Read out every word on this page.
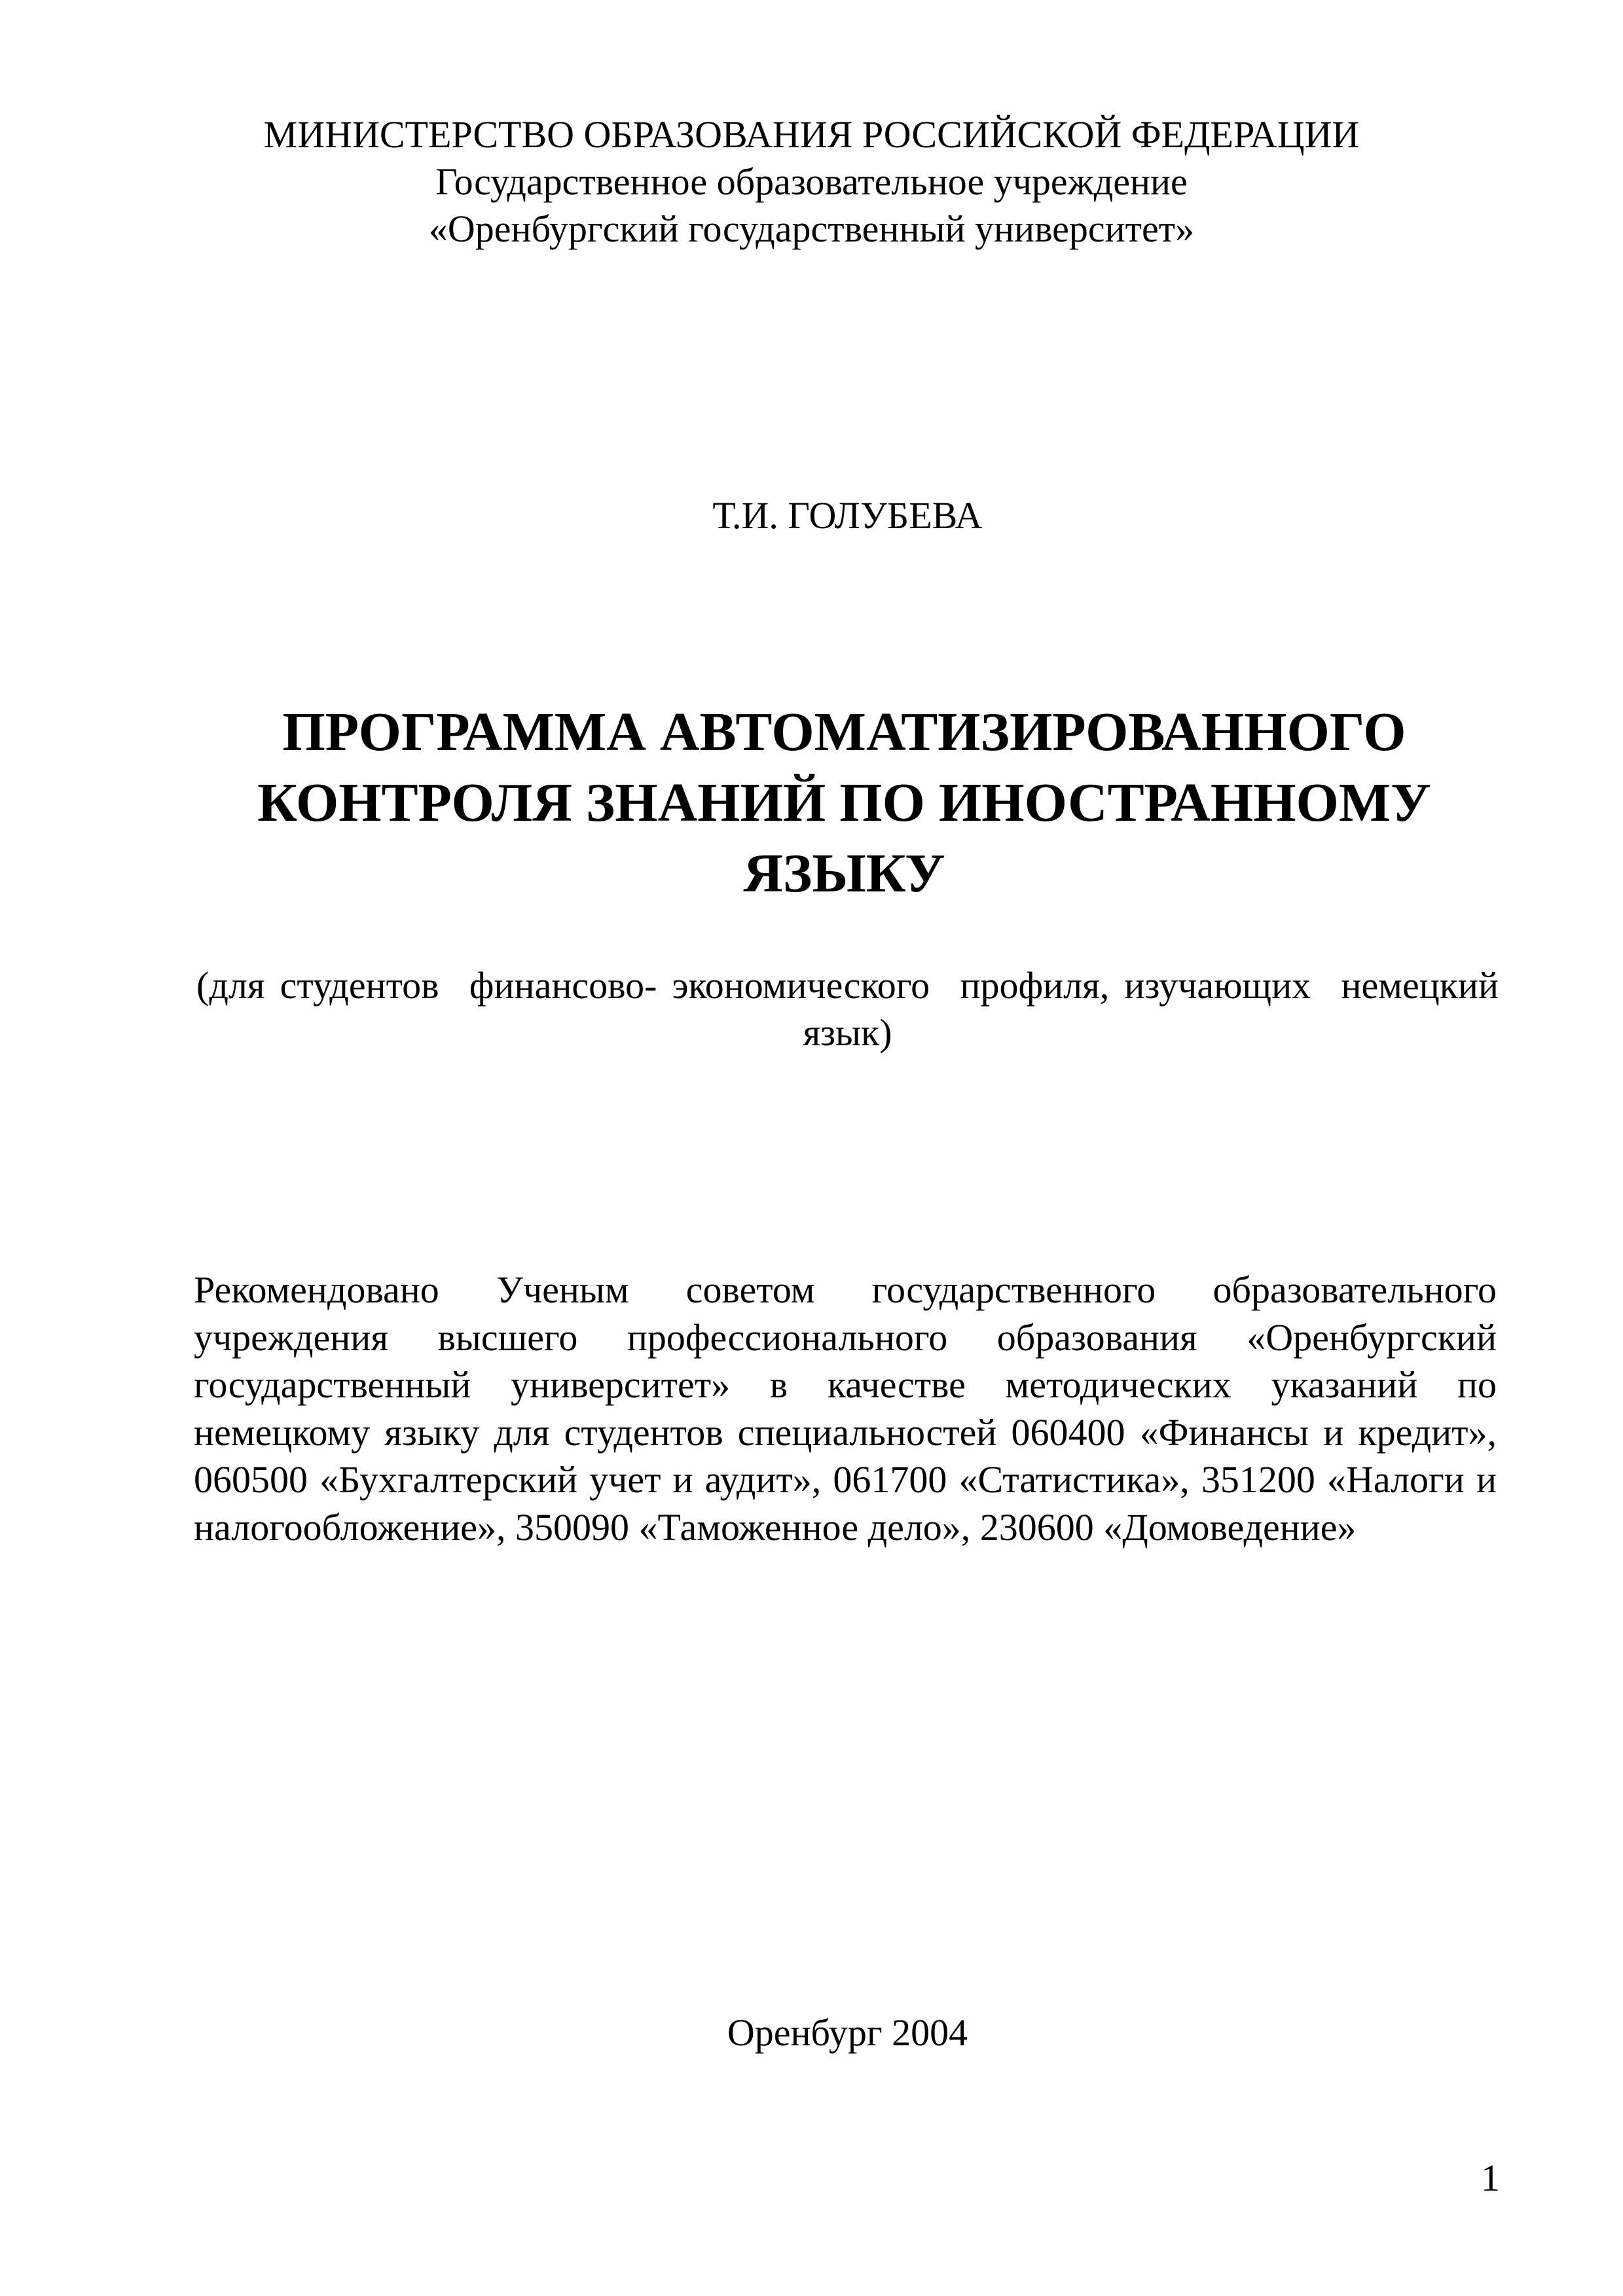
МИНИСТЕРСТВО ОБРАЗОВАНИЯ РОССИЙСКОЙ ФЕДЕРАЦИИ
Государственное образовательное учреждение
«Оренбургский государственный университет»
Т.И. ГОЛУБЕВА
ПРОГРАММА АВТОМАТИЗИРОВАННОГО
КОНТРОЛЯ ЗНАНИЙ ПО ИНОСТРАННОМУ
ЯЗЫКУ
(для студентов  финансово- экономического  профиля, изучающих  немецкий
язык)
Рекомендовано Ученым советом государственного образовательного
учреждения высшего профессионального образования «Оренбургский
государственный университет» в качестве методических указаний по
немецкому языку для студентов специальностей 060400 «Финансы и кредит»,
060500 «Бухгалтерский учет и аудит», 061700 «Статистика», 351200 «Налоги и
налогообложение», 350090 «Таможенное дело», 230600 «Домоведение»
Оренбург 2004
1
